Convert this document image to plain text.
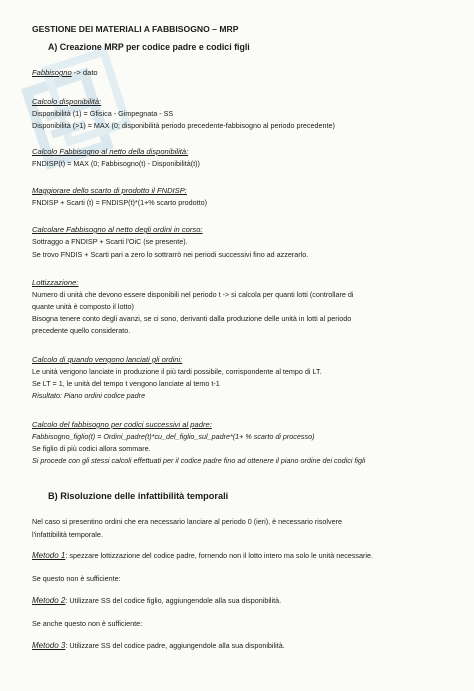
GESTIONE DEI MATERIALI A FABBISOGNO – MRP
A) Creazione MRP per codice padre e codici figli
Fabbisogno -> dato
Calcolo disponibilità:
Disponibilità (1) = Gfisica - Gimpegnata - SS
Disponibilità (>1) = MAX (0; disponibilità periodo precedente-fabbisogno al periodo precedente)
Calcolo Fabbisogno al netto della disponibilità:
FNDISP(t) = MAX (0; Fabbisogno(t) - Disponibilità(t))
Maggiorare dello scarto di prodotto il FNDISP:
FNDISP + Scarti (t) = FNDISP(t)*(1+% scarto prodotto)
Calcolare Fabbisogno al netto degli ordini in corso:
Sottraggo a FNDISP + Scarti l'OiC (se presente).
Se trovo FNDIS + Scarti pari a zero lo sottrarrò nei periodi successivi fino ad azzerarlo.
Lottizzazione:
Numero di unità che devono essere disponibili nel periodo t -> si calcola per quanti lotti (controllare di
quante unità è composto il lotto)
Bisogna tenere conto degli avanzi, se ci sono, derivanti dalla produzione delle unità in lotti al periodo
precedente quello considerato.
Calcolo di quando vengono lanciati gli ordini:
Le unità vengono lanciate in produzione il più tardi possibile, corrispondente al tempo di LT.
Se LT = 1, le unità del tempo t vengono lanciate al temo t-1
Risultato: Piano ordini codice padre
Calcolo del fabbisogno per codici successivi al padre:
Fabbisogno_figlio(t) = Ordini_padre(t)*cu_del_figlio_sul_padre*(1+ % scarto di processo)
Se figlio di più codici allora sommare.
Si procede con gli stessi calcoli effettuati per il codice padre fino ad ottenere il piano ordine dei codici figli
B) Risoluzione delle infattibilità temporali
Nel caso si presentino ordini che era necessario lanciare al periodo 0 (ieri), è necessario risolvere
l'infattibilità temporale.
Metodo 1: spezzare lottizzazione del codice padre, fornendo non il lotto intero ma solo le unità necessarie.
Se questo non è sufficiente:
Metodo 2: Utilizzare SS del codice figlio, aggiungendole alla sua disponibilità.
Se anche questo non è sufficiente:
Metodo 3: Utilizzare SS del codice padre, aggiungendole alla sua disponibilità.
